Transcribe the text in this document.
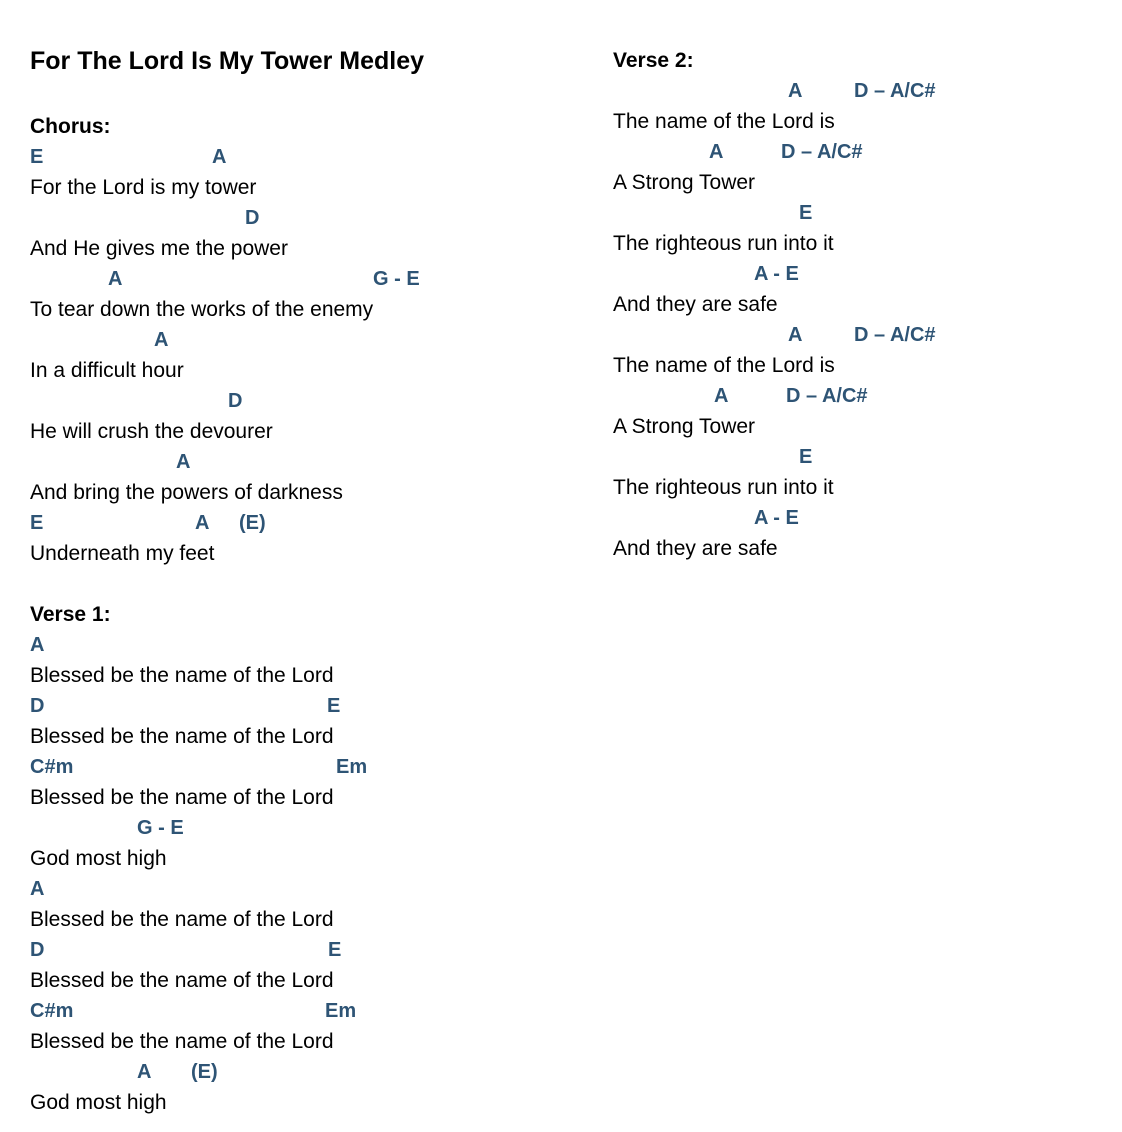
For The Lord Is My Tower Medley
Chorus:
E	A
For the Lord is my tower
D
And He gives me the power
A	G - E
To tear down the works of the enemy
A
In a difficult hour
D
He will crush the devourer
A
And bring the powers of darkness
E	A (E)
Underneath my feet
Verse 1:
A
Blessed be the name of the Lord
D	E
Blessed be the name of the Lord
C#m	Em
Blessed be the name of the Lord
G - E
God most high
A
Blessed be the name of the Lord
D	E
Blessed be the name of the Lord
C#m	Em
Blessed be the name of the Lord
A (E)
God most high
Verse 2:
A	D – A/C#
The name of the Lord is
A	D – A/C#
A Strong Tower
E
The righteous run into it
A - E
And they are safe
A	D – A/C#
The name of the Lord is
A	D – A/C#
A Strong Tower
E
The righteous run into it
A - E
And they are safe
